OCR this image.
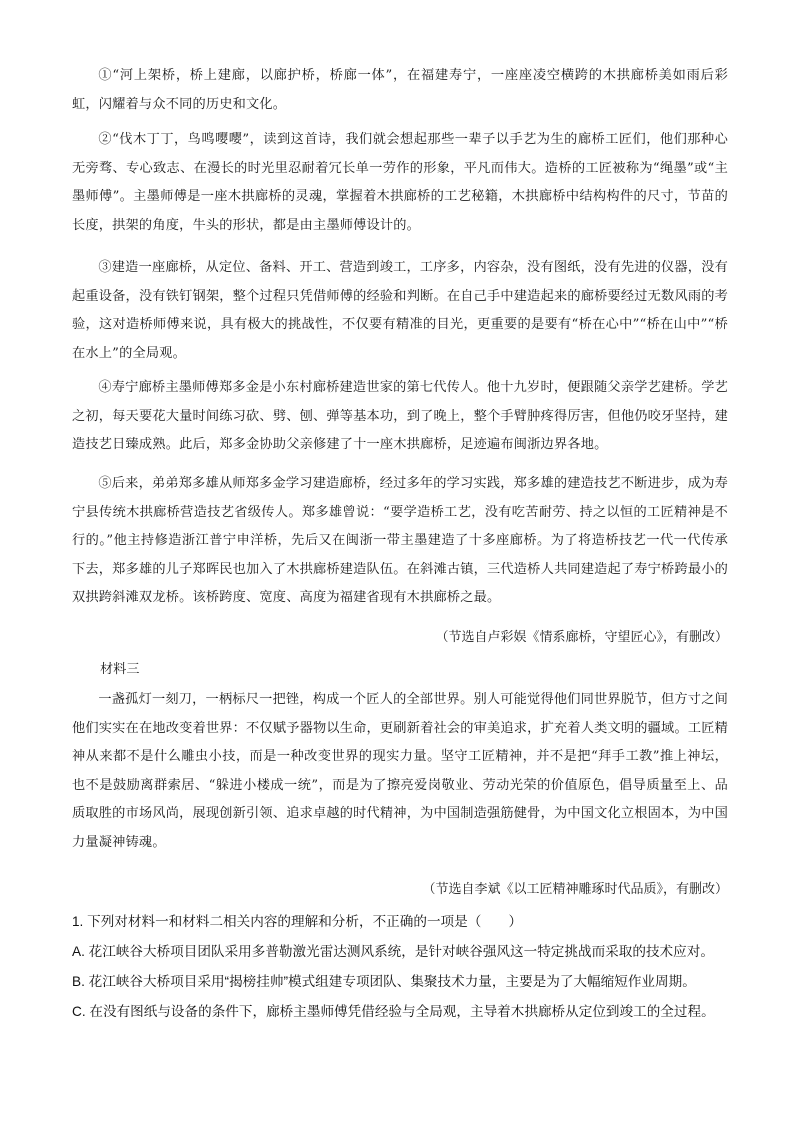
①“河上架桥，桥上建廊，以廊护桥，桥廊一体”，在福建寿宁，一座座凌空横跨的木拱廊桥美如雨后彩虹，闪耀着与众不同的历史和文化。

②“伐木丁丁，鸟鸣嘤嘤”，读到这首诗，我们就会想起那些一辈子以手艺为生的廊桥工匠们，他们那种心无旁骛、专心致志、在漫长的时光里忍耐着冗长单一劳作的形象，平凡而伟大。造桥的工匠被称为“绳墨”或“主墨师傅”。主墨师傅是一座木拱廊桥的灵魂，掌握着木拱廊桥的工艺秘籍，木拱廊桥中结构构件的尺寸，节苗的长度，拱架的角度，牛头的形状，都是由主墨师傅设计的。

③建造一座廊桥，从定位、备料、开工、营造到竣工，工序多，内容杂，没有图纸，没有先进的仪器，没有起重设备，没有铁钉钢架，整个过程只凭借师傅的经验和判断。在自己手中建造起来的廊桥要经过无数风雨的考验，这对造桥师傅来说，具有极大的挑战性，不仅要有精准的目光，更重要的是要有“桥在心中”“桥在山中”“桥在水上”的全局观。

④寿宁廊桥主墨师傅郑多金是小东村廊桥建造世家的第七代传人。他十九岁时，便跟随父亲学艺建桥。学艺之初，每天要花大量时间练习砍、劈、刨、弹等基本功，到了晚上，整个手臂肿疼得厉害，但他仍咬牙坚持，建造技艺日臻成熟。此后，郑多金协助父亲修建了十一座木拱廊桥，足迹遍布闽浙边界各地。

⑤后来，弟弟郑多雄从师郑多金学习建造廊桥，经过多年的学习实践，郑多雄的建造技艺不断进步，成为寿宁县传统木拱廊桥营造技艺省级传人。郑多雄曾说：“要学造桥工艺，没有吃苦耐劳、持之以恒的工匠精神是不行的。”他主持修造浙江普宁申洋桥，先后又在闽浙一带主墨建造了十多座廊桥。为了将造桥技艺一代一代传承下去，郑多雄的儿子郑晖民也加入了木拱廊桥建造队伍。在斜滩古镇，三代造桥人共同建造起了寿宁桥跨最小的双拱跨斜滩双龙桥。该桥跨度、宽度、高度为福建省现有木拱廊桥之最。

（节选自卢彩娱《情系廊桥，守望匠心》，有删改）

材料三

一盏孤灯一刻刀，一柄标尺一把锉，构成一个匠人的全部世界。别人可能觉得他们同世界脱节，但方寸之间他们实实在在地改变着世界：不仅赋予器物以生命，更刷新着社会的审美追求，扩充着人类文明的疆域。工匠精神从来都不是什么雕虫小技，而是一种改变世界的现实力量。坚守工匠精神，并不是把“拜手工教”推上神坛，也不是鼓励离群索居、“躲进小楼成一统”，而是为了擦亮爱岗敬业、劳动光荣的价值原色，倡导质量至上、品质取胜的市场风尚，展现创新引领、追求卓越的时代精神，为中国制造强筋健骨，为中国文化立根固本，为中国力量凝神铸魂。

（节选自李斌《以工匠精神雕琢时代品质》，有删改）

1. 下列对材料一和材料二相关内容的理解和分析，不正确的一项是（　　）

A. 花江峡谷大桥项目团队采用多普勒激光雷达测风系统，是针对峡谷强风这一特定挑战而采取的技术应对。

B. 花江峡谷大桥项目采用“揭榜挂帅”模式组建专项团队、集聚技术力量，主要是为了大幅缩短作业周期。

C. 在没有图纸与设备的条件下，廊桥主墨师傅凭借经验与全局观，主导着木拱廊桥从定位到竣工的全过程。
